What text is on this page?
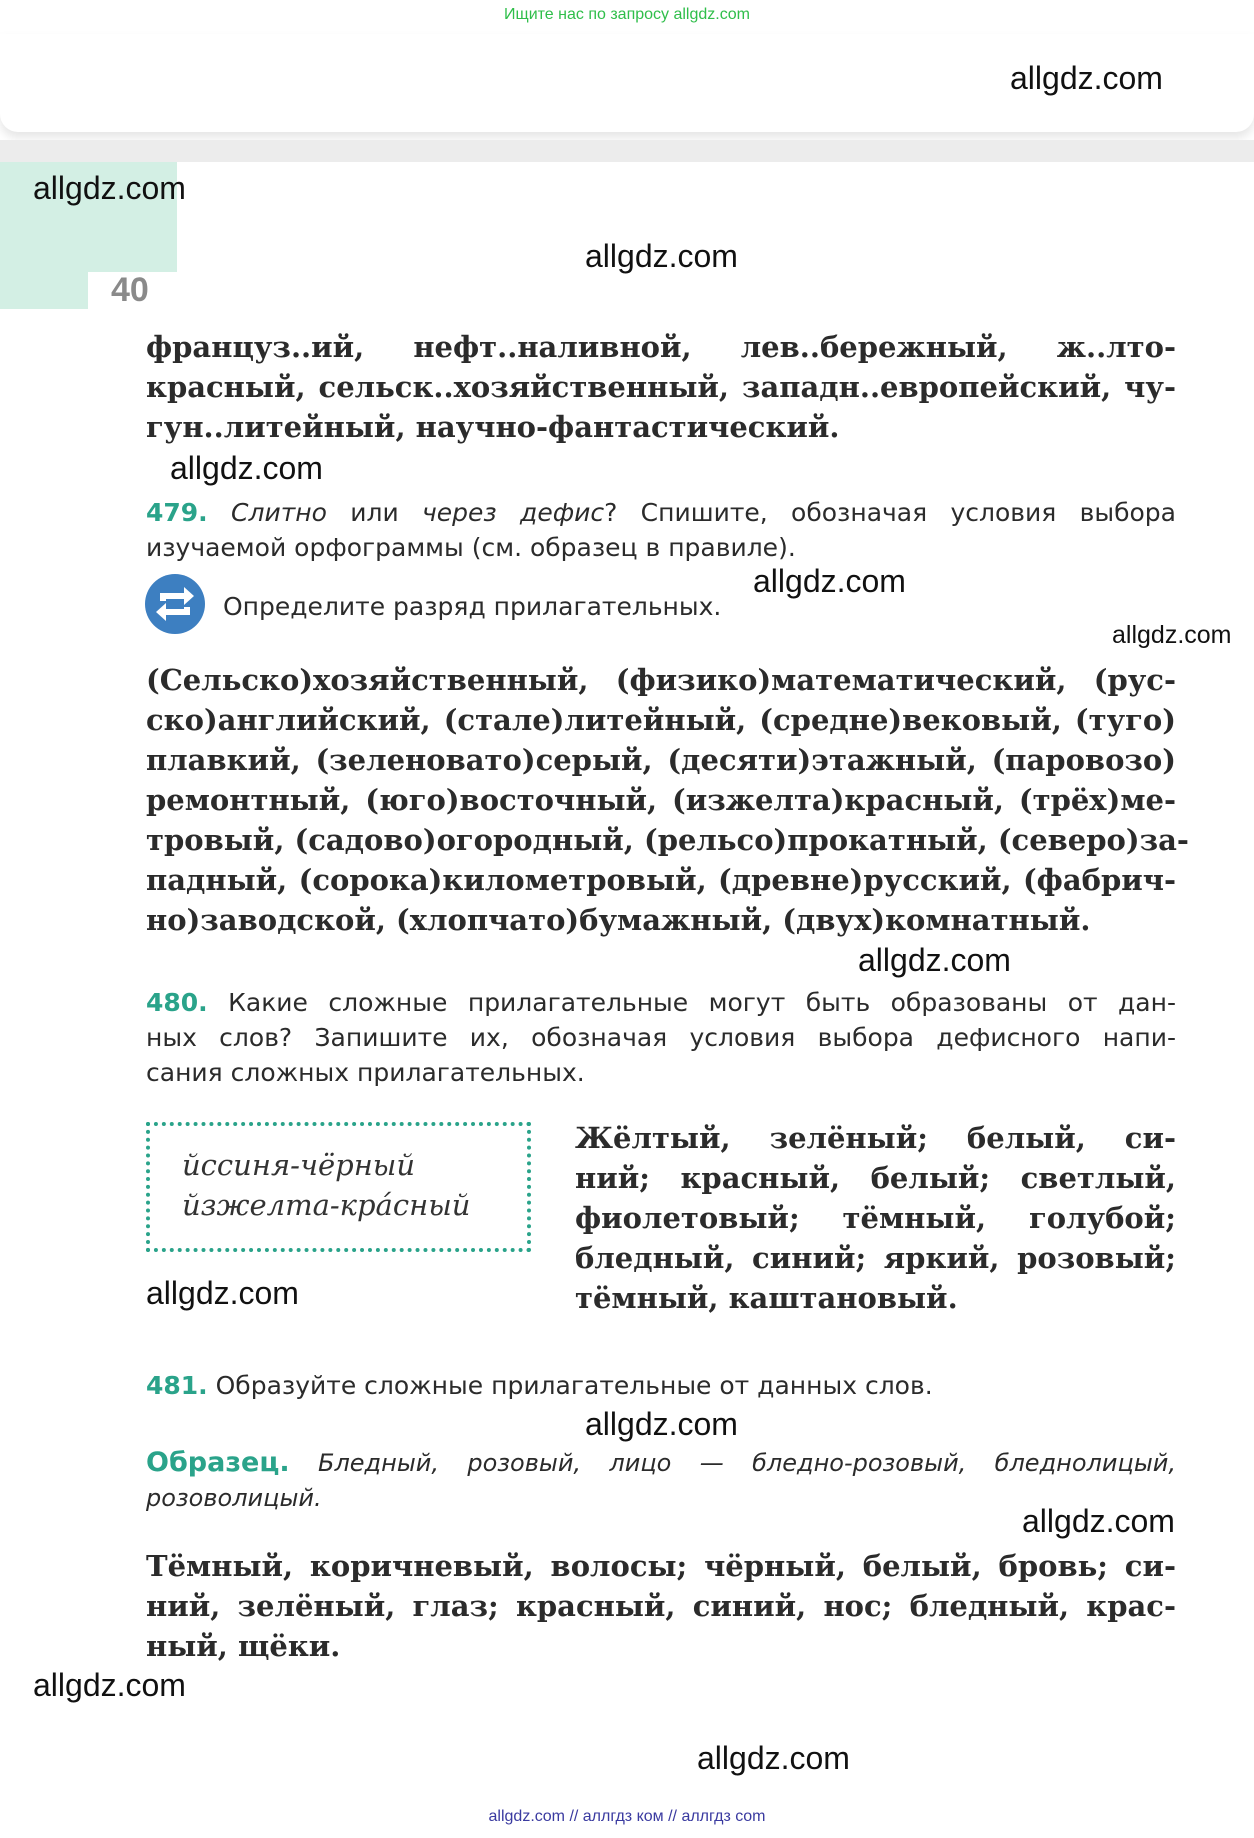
Ищите нас по запросу allgdz.com
40
allgdz.com
allgdz.com
allgdz.com
allgdz.com
allgdz.com
allgdz.com
allgdz.com
allgdz.com
allgdz.com
allgdz.com
allgdz.com
allgdz.com
француз..ий, нефт..наливной, лев..бережный, ж..лто-
красный, сельск..хозяйственный, западн..европейский, чу-
гун..литейный, научно-фантастический.
479. Слитно или через дефис? Спишите, обозначая условия выбора
изучаемой орфограммы (см. образец в правиле).
Определите разряд прилагательных.
(Сельско)хозяйственный, (физико)математический, (рус-
ско)английский, (стале)литейный, (средне)вековый, (туго)
плавкий, (зеленовато)серый, (десяти)этажный, (паровозо)
ремонтный, (юго)восточный, (изжелта)красный, (трёх)ме-
тровый, (садово)огородный, (рельсо)прокатный, (северо)за-
падный, (сорока)километровый, (древне)русский, (фабрич-
но)заводской, (хлопчато)бумажный, (двух)комнатный.
480. Какие сложные прилагательные могут быть образованы от дан-
ных слов? Запишите их, обозначая условия выбора дефисного напи-
сания сложных прилагательных.
йссиня-чёрный
йзжелта-кра́сный
Жёлтый, зелёный; белый, си-
ний; красный, белый; светлый,
фиолетовый; тёмный, голубой;
бледный, синий; яркий, розовый;
тёмный, каштановый.
481. Образуйте сложные прилагательные от данных слов.
Образец. Бледный, розовый, лицо — бледно-розовый, бледнолицый,
розоволицый.
Тёмный, коричневый, волосы; чёрный, белый, бровь; си-
ний, зелёный, глаз; красный, синий, нос; бледный, крас-
ный, щёки.
allgdz.com // аллгдз ком // аллгдз com
